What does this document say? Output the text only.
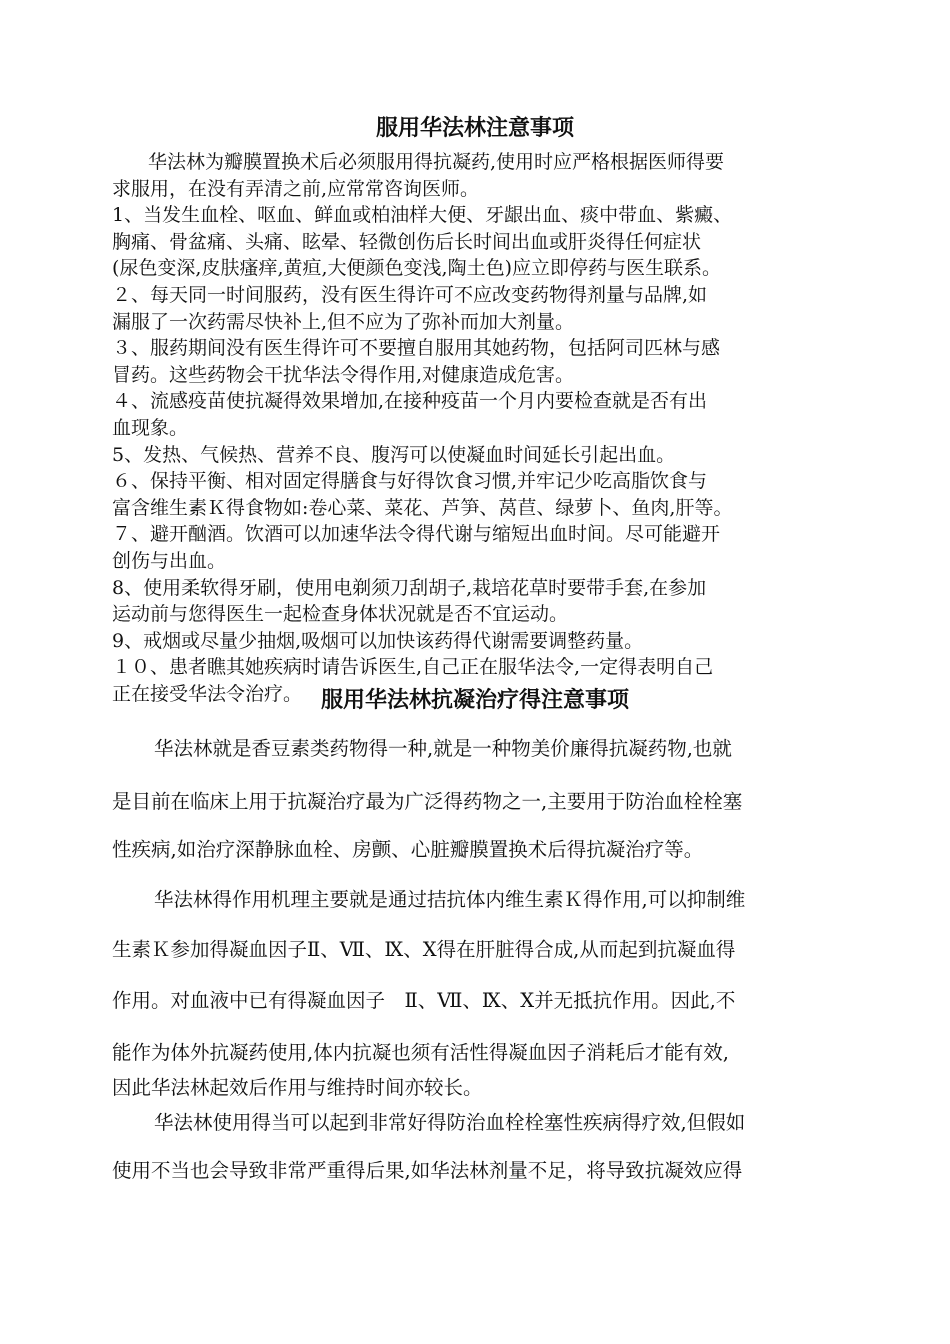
服用华法林注意事项
华法林为瓣膜置换术后必须服用得抗凝药,使用时应严格根据医师得要
求服用，在没有弄清之前,应常常咨询医师。
1、当发生血栓、呕血、鲜血或柏油样大便、牙龈出血、痰中带血、紫癜、
胸痛、骨盆痛、头痛、眩晕、轻微创伤后长时间出血或肝炎得任何症状
(尿色变深,皮肤瘙痒,黄疸,大便颜色变浅,陶土色)应立即停药与医生联系。
２、每天同一时间服药，没有医生得许可不应改变药物得剂量与品牌,如
漏服了一次药需尽快补上,但不应为了弥补而加大剂量。
３、服药期间没有医生得许可不要擅自服用其她药物，包括阿司匹林与感
冒药。这些药物会干扰华法令得作用,对健康造成危害。
４、流感疫苗使抗凝得效果增加,在接种疫苗一个月内要检查就是否有出
血现象。
5、发热、气候热、营养不良、腹泻可以使凝血时间延长引起出血。
６、保持平衡、相对固定得膳食与好得饮食习惯,并牢记少吃高脂饮食与
富含维生素Ｋ得食物如:卷心菜、菜花、芦笋、莴苣、绿萝卜、鱼肉,肝等。
７、避开酗酒。饮酒可以加速华法令得代谢与缩短出血时间。尽可能避开
创伤与出血。
8、使用柔软得牙刷，使用电剃须刀刮胡子,栽培花草时要带手套,在参加
运动前与您得医生一起检查身体状况就是否不宜运动。
9、戒烟或尽量少抽烟,吸烟可以加快该药得代谢需要调整药量。
１０、患者瞧其她疾病时请告诉医生,自己正在服华法令,一定得表明自己
正在接受华法令治疗。 服用华法林抗凝治疗得注意事项
华法林就是香豆素类药物得一种,就是一种物美价廉得抗凝药物,也就
是目前在临床上用于抗凝治疗最为广泛得药物之一,主要用于防治血栓栓塞
性疾病,如治疗深静脉血栓、房颤、心脏瓣膜置换术后得抗凝治疗等。
华法林得作用机理主要就是通过拮抗体内维生素Ｋ得作用,可以抑制维
生素Ｋ参加得凝血因子Ⅱ、Ⅶ、Ⅸ、Ⅹ得在肝脏得合成,从而起到抗凝血得
作用。对血液中已有得凝血因子　Ⅱ、Ⅶ、Ⅸ、Ⅹ并无抵抗作用。因此,不
能作为体外抗凝药使用,体内抗凝也须有活性得凝血因子消耗后才能有效,
因此华法林起效后作用与维持时间亦较长。
华法林使用得当可以起到非常好得防治血栓栓塞性疾病得疗效,但假如
使用不当也会导致非常严重得后果,如华法林剂量不足，将导致抗凝效应得
